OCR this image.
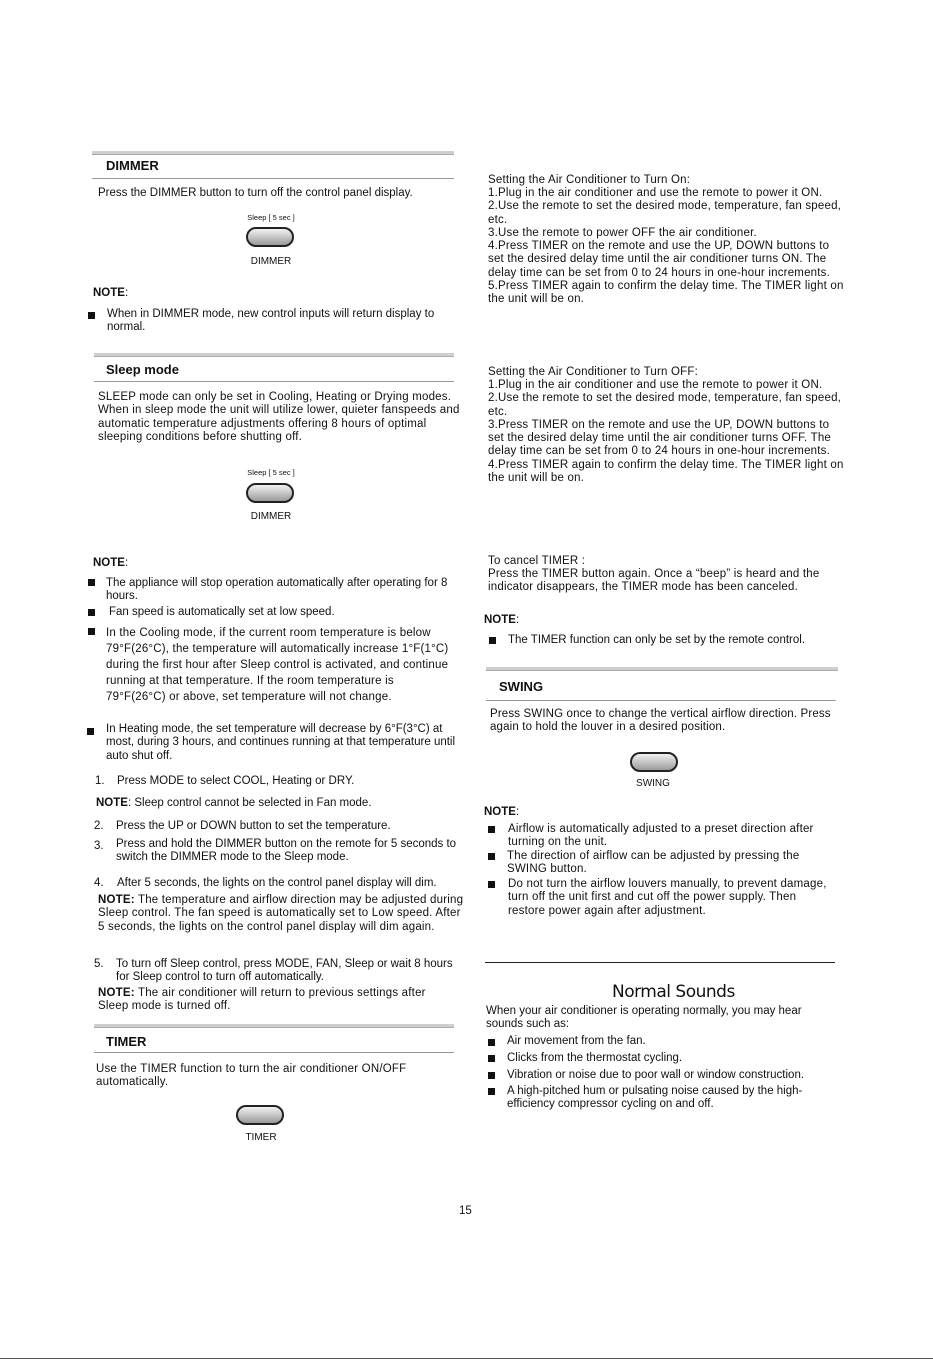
DIMMER
Press the DIMMER button to turn off the control panel display.
Sleep [ 5 sec ]
DIMMER
NOTE:
When in DIMMER mode, new control inputs will return display to normal.
Sleep mode
SLEEP mode can only be set in Cooling, Heating or Drying modes. When in sleep mode the unit will utilize lower, quieter fanspeeds and automatic temperature adjustments offering 8 hours of optimal sleeping conditions before shutting off.
Sleep [ 5 sec ]
DIMMER
NOTE:
The appliance will stop operation automatically after operating for 8 hours.
Fan speed is automatically set at low speed.
In the Cooling mode, if the current room temperature is below 79°F(26°C), the temperature will automatically increase 1°F(1°C) during the first hour after Sleep control is activated, and continue running at that temperature. If the room temperature is 79°F(26°C) or above, set temperature will not change.
In Heating mode, the set temperature will decrease by 6°F(3°C) at most, during 3 hours, and continues running at that temperature until auto shut off.
1. Press MODE to select COOL, Heating or DRY.
NOTE: Sleep control cannot be selected in Fan mode.
2. Press the UP or DOWN button to set the temperature.
3. Press and hold the DIMMER button on the remote for 5 seconds to switch the DIMMER mode to the Sleep mode.
4. After 5 seconds, the lights on the control panel display will dim.
NOTE: The temperature and airflow direction may be adjusted during Sleep control. The fan speed is automatically set to Low speed. After 5 seconds, the lights on the control panel display will dim again.
5. To turn off Sleep control, press MODE, FAN, Sleep or wait 8 hours for Sleep control to turn off automatically.
NOTE: The air conditioner will return to previous settings after Sleep mode is turned off.
TIMER
Use the TIMER function to turn the air conditioner ON/OFF automatically.
TIMER
Setting the Air Conditioner to Turn On:
1.Plug in the air conditioner and use the remote to power it ON.
2.Use the remote to set the desired mode, temperature, fan speed, etc.
3.Use the remote to power OFF the air conditioner.
4.Press TIMER on the remote and use the UP, DOWN buttons to set the desired delay time until the air conditioner turns ON. The delay time can be set from 0 to 24 hours in one-hour increments.
5.Press TIMER again to confirm the delay time. The TIMER light on the unit will be on.
Setting the Air Conditioner to Turn OFF:
1.Plug in the air conditioner and use the remote to power it ON.
2.Use the remote to set the desired mode, temperature, fan speed, etc.
3.Press TIMER on the remote and use the UP, DOWN buttons to set the desired delay time until the air conditioner turns OFF. The delay time can be set from 0 to 24 hours in one-hour increments.
4.Press TIMER again to confirm the delay time. The TIMER light on the unit will be on.
To cancel TIMER :
Press the TIMER button again. Once a “beep” is heard and the indicator disappears, the TIMER mode has been canceled.
NOTE:
The TIMER function can only be set by the remote control.
SWING
Press SWING once to change the vertical airflow direction. Press again to hold the louver in a desired position.
SWING
NOTE:
Airflow is automatically adjusted to a preset direction after turning on the unit.
The direction of airflow can be adjusted by pressing the SWING button.
Do not turn the airflow louvers manually, to prevent damage, turn off the unit first and cut off the power supply. Then restore power again after adjustment.
Normal Sounds
When your air conditioner is operating normally, you may hear sounds such as:
Air movement from the fan.
Clicks from the thermostat cycling.
Vibration or noise due to poor wall or window construction.
A high-pitched hum or pulsating noise caused by the high-efficiency compressor cycling on and off.
15
